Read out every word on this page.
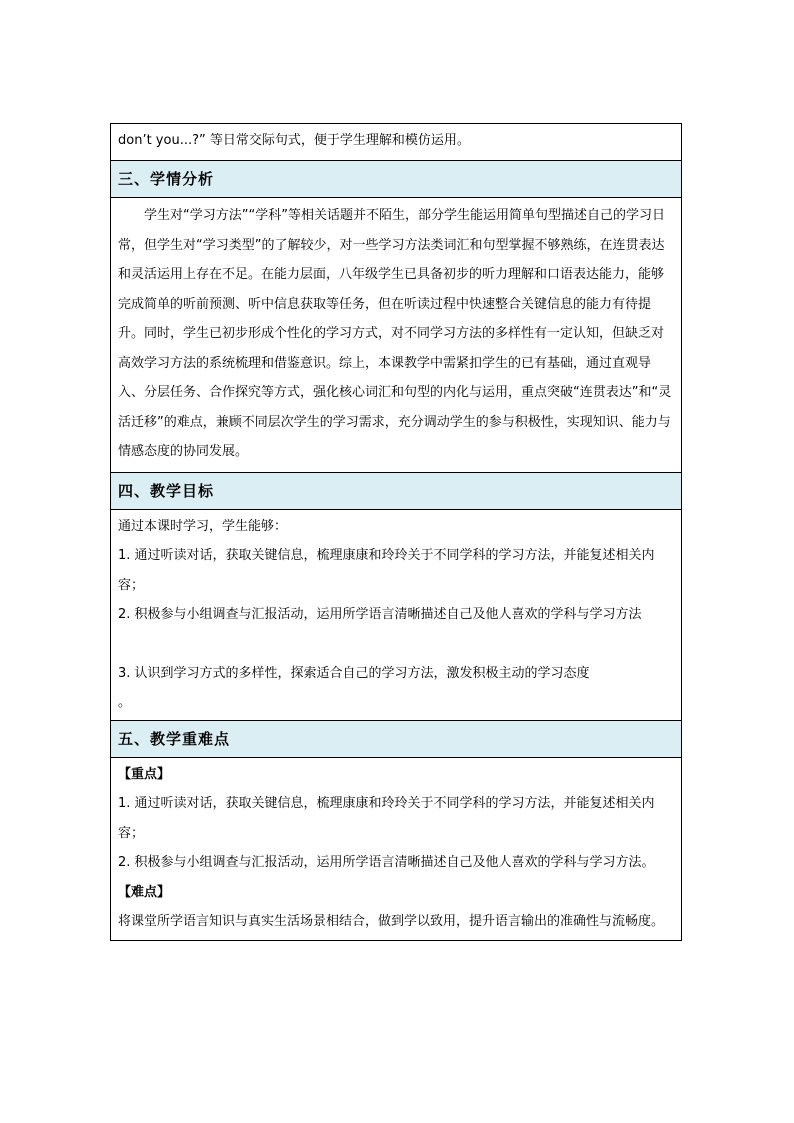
don’t you...?” 等日常交际句式，便于学生理解和模仿运用。
三、学情分析
学生对“学习方法”“学科”等相关话题并不陌生，部分学生能运用简单句型描述自己的学习日常，但学生对“学习类型”的了解较少，对一些学习方法类词汇和句型掌握不够熟练，在连贯表达和灵活运用上存在不足。在能力层面，八年级学生已具备初步的听力理解和口语表达能力，能够完成简单的听前预测、听中信息获取等任务，但在听读过程中快速整合关键信息的能力有待提升。同时，学生已初步形成个性化的学习方式，对不同学习方法的多样性有一定认知，但缺乏对高效学习方法的系统梳理和借鉴意识。综上，本课教学中需紧扣学生的已有基础，通过直观导入、分层任务、合作探究等方式，强化核心词汇和句型的内化与运用，重点突破“连贯表达”和“灵活迁移”的难点，兼顾不同层次学生的学习需求，充分调动学生的参与积极性，实现知识、能力与情感态度的协同发展。
四、教学目标
通过本课时学习，学生能够：
1. 通过听读对话，获取关键信息，梳理康康和玲玲关于不同学科的学习方法，并能复述相关内容；
2. 积极参与小组调查与汇报活动，运用所学语言清晰描述自己及他人喜欢的学科与学习方法
3. 认识到学习方式的多样性，探索适合自己的学习方法，激发积极主动的学习态度
。
五、教学重难点
【重点】
1. 通过听读对话，获取关键信息，梳理康康和玲玲关于不同学科的学习方法，并能复述相关内容；
2. 积极参与小组调查与汇报活动，运用所学语言清晰描述自己及他人喜欢的学科与学习方法。
【难点】
将课堂所学语言知识与真实生活场景相结合，做到学以致用，提升语言输出的准确性与流畅度。
